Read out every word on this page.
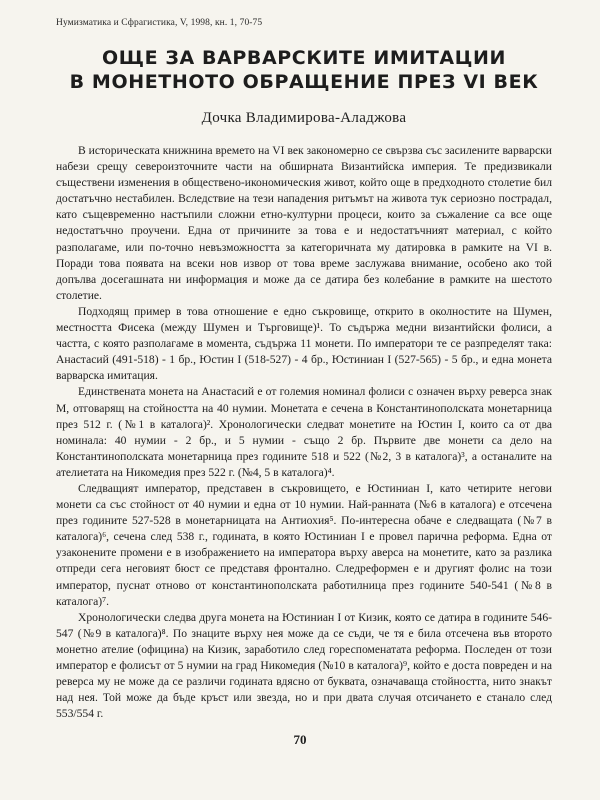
Нумизматика и Сфрагистика, V, 1998, кн. 1, 70-75
ОЩЕ ЗА ВАРВАРСКИТЕ ИМИТАЦИИ
В МОНЕТНОТО ОБРАЩЕНИЕ ПРЕЗ VI ВЕК
Дочка Владимирова-Аладжова

В историческата книжнина времето на VI век закономерно се свързва със засилените варварски набези срещу североизточните части на обширната Византийска империя. Те предизвикали съществени изменения в обществено-икономическия живот, който още в предходното столетие бил достатъчно нестабилен. Вследствие на тези нападения ритъмът на живота тук сериозно пострадал, като същевременно настъпили сложни етно-културни процеси, които за съжаление са все още недостатъчно проучени. Една от причините за това е и недостатъчният материал, с който разполагаме, или по-точно невъзможността за категоричната му датировка в рамките на VI в. Поради това появата на всеки нов извор от това време заслужава внимание, особено ако той допълва досегашната ни информация и може да се датира без колебание в рамките на шестото столетие.

Подходящ пример в това отношение е едно съкровище, открито в околностите на Шумен, местността Фисека (между Шумен и Търговище)¹. То съдържа медни византийски фолиси, а частта, с която разполагаме в момента, съдържа 11 монети. По императори те се разпределят така: Анастасий (491-518) - 1 бр., Юстин I (518-527) - 4 бр., Юстиниан I (527-565) - 5 бр., и една монета варварска имитация.

Единствената монета на Анастасий е от големия номинал фолиси с означен върху реверса знак М, отговарящ на стойността на 40 нумии. Монетата е сечена в Константинополската монетарница през 512 г. (№1 в каталога)². Хронологически следват монетите на Юстин I, които са от два номинала: 40 нумии - 2 бр., и 5 нумии - също 2 бр. Първите две монети са дело на Константинополската монетарница през годините 518 и 522 (№2, 3 в каталога)³, а останалите на ателиетата на Никомедия през 522 г. (№4, 5 в каталога)⁴.

Следващият император, представен в съкровището, е Юстиниан I, като четирите негови монети са със стойност от 40 нумии и една от 10 нумии. Най-ранната (№6 в каталога) е отсечена през годините 527-528 в монетарницата на Антиохия⁵. По-интересна обаче е следващата (№7 в каталога)⁶, сечена след 538 г., годината, в която Юстиниан I е провел парична реформа. Една от узаконените промени е в изображението на императора върху аверса на монетите, като за разлика отпреди сега неговият бюст се представя фронтално. Следреформен е и другият фолис на този император, пуснат отново от константинополската работилница през годините 540-541 (№8 в каталога)⁷.

Хронологически следва друга монета на Юстиниан I от Кизик, която се датира в годините 546-547 (№9 в каталога)⁸. По знаците върху нея може да се съди, че тя е била отсечена във второто монетно ателие (официна) на Кизик, заработило след гореспоменатата реформа. Последен от този император е фолисът от 5 нумии на град Никомедия (№10 в каталога)⁹, който е доста повреден и на реверса му не може да се различи годината вдясно от буквата, означаваща стойността, нито знакът над нея. Той може да бъде кръст или звезда, но и при двата случая отсичането е станало след 553/554 г.

70
